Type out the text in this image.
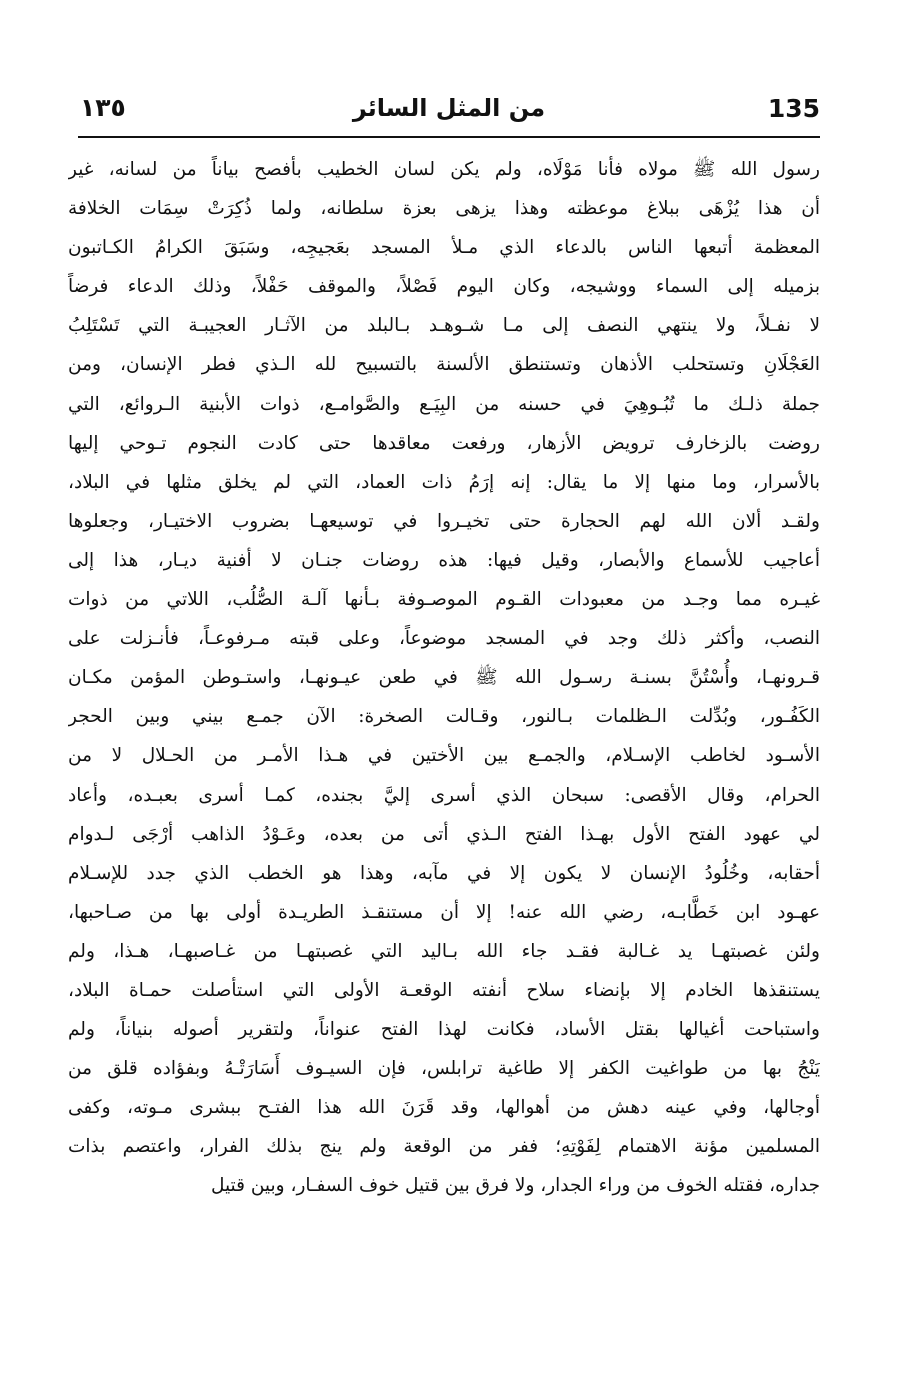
135
من المثل السائر
١٣٥
رسول الله ﷺ مولاه فأنا مَوْلَاه، ولم يكن لسان الخطيب بأفصح بياناً من لسانه، غير
أن هذا يُزْهَى ببلاغ موعظته وهذا يزهى بعزة سلطانه، ولما ذُكِرَتْ سِمَات الخلافة
المعظمة أتبعها الناس بالدعاء الذي مـلأ المسجد بعَجيجِه، وسَبَقَ الكرامُ الكـاتبون
بزميله إلى السماء ووشيجه، وكان اليوم فَصْلاً، والموقف حَفْلاً، وذلك الدعاء فرضاً
لا نفـلاً، ولا ينتهي النصف إلى مـا شـوهـد بـالبلد من الآثـار العجيبـة التي تَسْتَلِبُ
العَجْلَانِ وتستحلب الأذهان وتستنطق الألسنة بالتسبيح لله الـذي فطر الإنسان، ومن
جملة ذلـك ما تُبُـوهِيَ في حسنه من البِيَـع والصَّوامـع، ذوات الأبنية الـروائع، التي
روضت بالزخارف ترويض الأزهار، ورفعت معاقدها حتى كادت النجوم تـوحي إليها
بالأسرار، وما منها إلا ما يقال: إنه إرَمُ ذات العماد، التي لم يخلق مثلها في البلاد،
ولقـد ألان الله لهم الحجارة حتى تخيـروا في توسيعهـا بضروب الاختيـار، وجعلوها
أعاجيب للأسماع والأبصار، وقيل فيها: هذه روضات جنـان لا أفنية ديـار، هذا إلى
غيـره مما وجـد من معبودات القـوم الموصـوفة بـأنها آلـة الصُّلُب، اللاتي من ذوات
النصب، وأكثر ذلك وجد في المسجد موضوعاً، وعلى قبته مـرفوعـاً، فأنـزلت على
قـرونهـا، وأُسْتُنَّ بسنـة رسـول الله ﷺ في طعن عيـونهـا، واستـوطن المؤمن مكـان
الكَفُـور، وبُدِّلت الـظلمات بـالنور، وقـالت الصخرة: الآن جمـع بيني وبين الحجر
الأسـود لخاطب الإسـلام، والجمـع بين الأختين في هـذا الأمـر من الحـلال لا من
الحرام، وقال الأقصى: سبحان الذي أسرى إليَّ بجنده، كمـا أسرى بعبـده، وأعاد
لي عهود الفتح الأول بهـذا الفتح الـذي أتى من بعده، وعَـوْدُ الذاهب أرْجَى لـدوام
أحقابه، وخُلُودُ الإنسان لا يكون إلا في مآبه، وهذا هو الخطب الذي جدد للإسـلام
عهـود ابن خَطَّابـه، رضي الله عنه! إلا أن مستنقـذ الطريـدة أولى بها من صـاحبها،
ولئن غصبتهـا يد غـالبة فقـد جاء الله بـاليد التي غصبتهـا من غـاصبهـا، هـذا، ولم
يستنقذها الخادم إلا بإنضاء سلاح أنفته الوقعـة الأولى التي استأصلت حمـاة البلاد،
واستباحت أغيالها بقتل الأساد، فكانت لهذا الفتح عنواناً، ولتقرير أصوله بنياناً، ولم
يَنْجُ بها من طواغيت الكفر إلا طاغية ترابلس، فإن السيـوف أَسَارَتْـهُ وبفؤاده قلق من
أوجالها، وفي عينه دهش من أهوالها، وقد قَرَنَ الله هذا الفتـح ببشرى مـوته، وكفى
المسلمين مؤنة الاهتمام لِفَوْتِهِ؛ ففر من الوقعة ولم ينج بذلك الفرار، واعتصم بذات
جداره، فقتله الخوف من وراء الجدار، ولا فرق بين قتيل خوف السفـار، وبين قتيل
